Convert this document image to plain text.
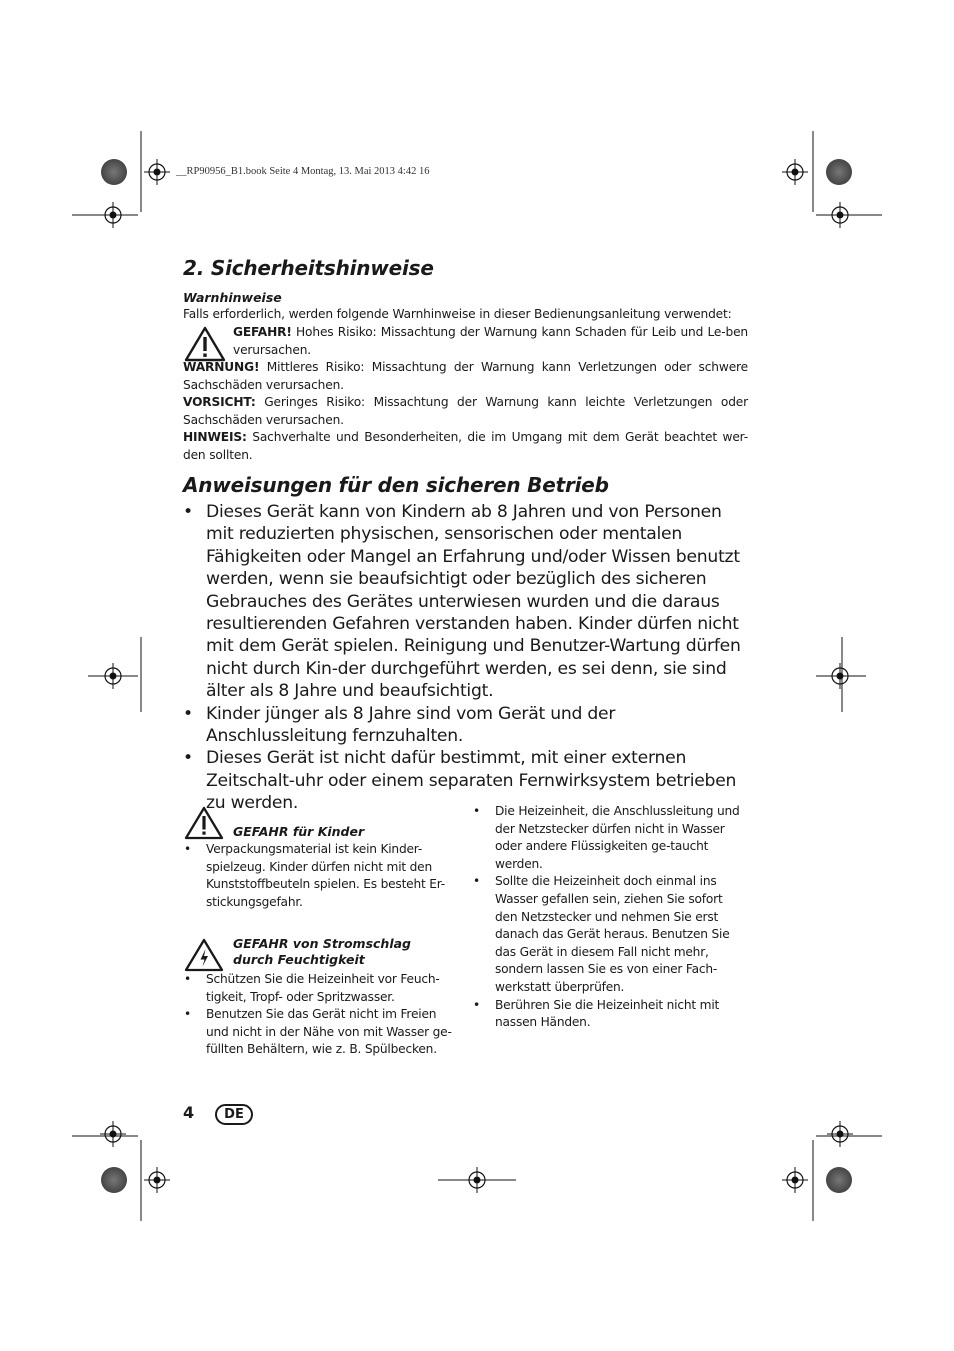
__RP90956_B1.book Seite 4 Montag, 13. Mai 2013 4:42 16
2. Sicherheitshinweise
Warnhinweise

Falls erforderlich, werden folgende Warnhinweise in dieser Bedienungsanleitung verwendet:

GEFAHR! Hohes Risiko: Missachtung der Warnung kann Schaden für Leib und Le-ben verursachen.

WARNUNG! Mittleres Risiko: Missachtung der Warnung kann Verletzungen oder schwere Sachschäden verursachen.

VORSICHT: Geringes Risiko: Missachtung der Warnung kann leichte Verletzungen oder Sachschäden verursachen.

HINWEIS: Sachverhalte und Besonderheiten, die im Umgang mit dem Gerät beachtet wer-den sollten.

Anweisungen für den sicheren Betrieb
• Dieses Gerät kann von Kindern ab 8 Jahren und von Personen mit reduzierten physischen, sensorischen oder mentalen Fähigkeiten oder Mangel an Erfahrung und/oder Wissen benutzt werden, wenn sie beaufsichtigt oder bezüglich des sicheren Gebrauches des Gerätes unterwiesen wurden und die daraus resultierenden Gefahren verstanden haben. Kinder dürfen nicht mit dem Gerät spielen. Reinigung und Benutzer-Wartung dürfen nicht durch Kin-der durchgeführt werden, es sei denn, sie sind älter als 8 Jahre und beaufsichtigt.
• Kinder jünger als 8 Jahre sind vom Gerät und der Anschlussleitung fernzuhalten.
• Dieses Gerät ist nicht dafür bestimmt, mit einer externen Zeitschalt-uhr oder einem separaten Fernwirksystem betrieben zu werden.
GEFAHR für Kinder
• Verpackungsmaterial ist kein Kinder-spielzeug. Kinder dürfen nicht mit den Kunststoffbeuteln spielen. Es besteht Er-stickungsgefahr.
GEFAHR von Stromschlag
durch Feuchtigkeit
• Schützen Sie die Heizeinheit vor Feuch-tigkeit, Tropf- oder Spritzwasser.
• Benutzen Sie das Gerät nicht im Freien und nicht in der Nähe von mit Wasser ge-füllten Behältern, wie z. B. Spülbecken.
• Die Heizeinheit, die Anschlussleitung und der Netzstecker dürfen nicht in Wasser oder andere Flüssigkeiten ge-taucht werden.
• Sollte die Heizeinheit doch einmal ins Wasser gefallen sein, ziehen Sie sofort den Netzstecker und nehmen Sie erst danach das Gerät heraus. Benutzen Sie das Gerät in diesem Fall nicht mehr, sondern lassen Sie es von einer Fach-werkstatt überprüfen.
• Berühren Sie die Heizeinheit nicht mit nassen Händen.
4	DE
